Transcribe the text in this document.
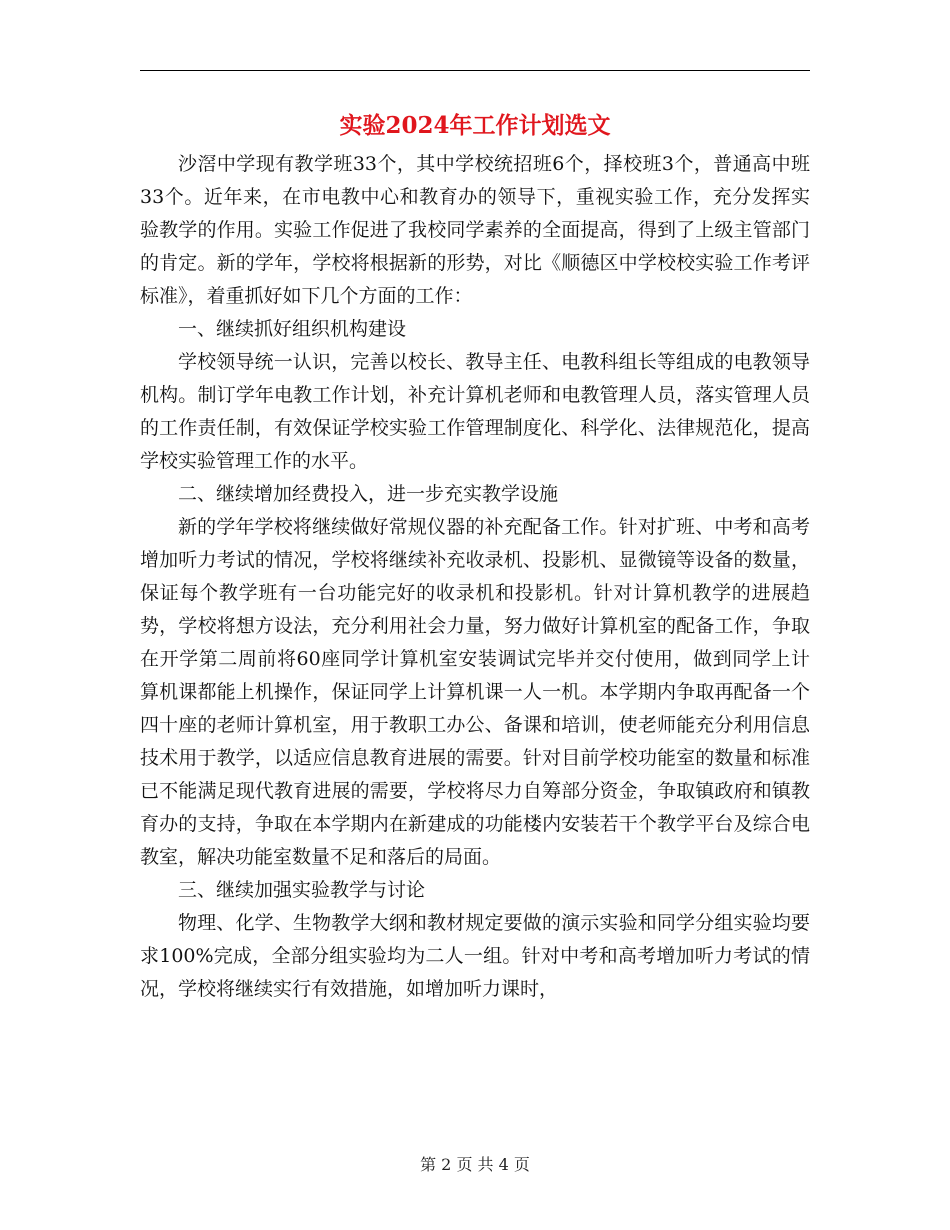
实验2024年工作计划选文

沙滘中学现有教学班33个，其中学校统招班6个，择校班3个，普通高中班33个。近年来，在市电教中心和教育办的领导下，重视实验工作，充分发挥实验教学的作用。实验工作促进了我校同学素养的全面提高，得到了上级主管部门的肯定。新的学年，学校将根据新的形势，对比《顺德区中学校校实验工作考评标准》，着重抓好如下几个方面的工作：

一、继续抓好组织机构建设

学校领导统一认识，完善以校长、教导主任、电教科组长等组成的电教领导机构。制订学年电教工作计划，补充计算机老师和电教管理人员，落实管理人员的工作责任制，有效保证学校实验工作管理制度化、科学化、法律规范化，提高学校实验管理工作的水平。

二、继续增加经费投入，进一步充实教学设施

新的学年学校将继续做好常规仪器的补充配备工作。针对扩班、中考和高考增加听力考试的情况，学校将继续补充收录机、投影机、显微镜等设备的数量，保证每个教学班有一台功能完好的收录机和投影机。针对计算机教学的进展趋势，学校将想方设法，充分利用社会力量，努力做好计算机室的配备工作，争取在开学第二周前将60座同学计算机室安装调试完毕并交付使用，做到同学上计算机课都能上机操作，保证同学上计算机课一人一机。本学期内争取再配备一个四十座的老师计算机室，用于教职工办公、备课和培训，使老师能充分利用信息技术用于教学，以适应信息教育进展的需要。针对目前学校功能室的数量和标准已不能满足现代教育进展的需要，学校将尽力自筹部分资金，争取镇政府和镇教育办的支持，争取在本学期内在新建成的功能楼内安装若干个教学平台及综合电教室，解决功能室数量不足和落后的局面。

三、继续加强实验教学与讨论

物理、化学、生物教学大纲和教材规定要做的演示实验和同学分组实验均要求100%完成，全部分组实验均为二人一组。针对中考和高考增加听力考试的情况，学校将继续实行有效措施，如增加听力课时，

第 2 页 共 4 页
